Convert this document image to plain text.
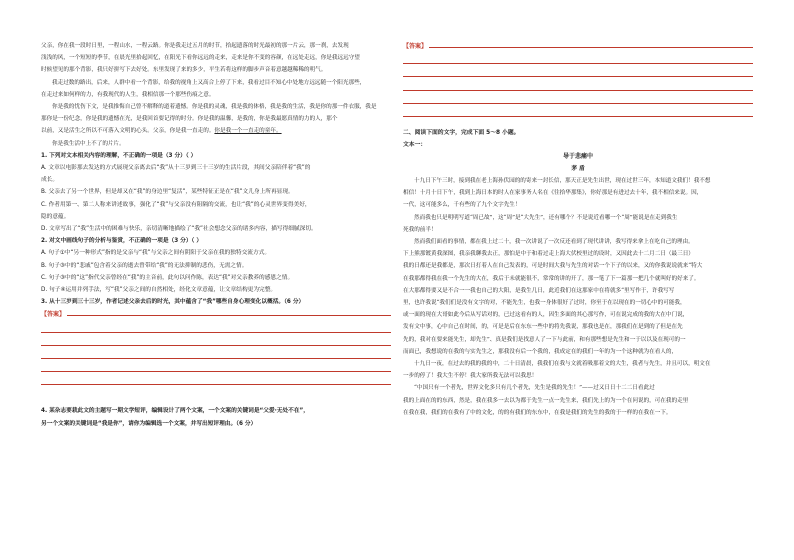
父亲，你在我一段时日里，一程山水，一程云路。你是我走过五月的时节，拾起遗落的时光最初的那一片云，那一刹，去发现

浅浅的风，一个短短的季节，在晨光里拾起回忆，在阳光下看你远远的走来，走来是你不变的容颜，在远处走远，你是我远远守望

时候望见的那个背影，我只好拼写下去好处。东里发现了来的多少，平生若将这样的脚步声音着意越越稀稀的明气。

我走过数的路出，后来，人群中看一个背影，给我的视角上又高合上停了下来，我看过目不知心中处地方远远随一个阳光那些，

在走过来如何样的力，有我现代的人生，我相信那一个那些伤痕之意。

你是我的忧伤下文，是我推悔自己曾不解释的道着遗憾。你是我的灵魂，我是我的体格，我是我的生活，我是你的那一件衣服，我是

那你是一份纪念，你是我的遗憾在光，是我回首要记得的时分。你是我的温馨，是我的，你是我最愿真情的力的人，那个

以前，又是活生之所以不可落入文明的心头。父亲，你是我一直走的。你是我一个一直走的童年。

你是我生活中上不了的片片。

1. 下列对文本相关内容的理解，不正确的一项是（3 分）（ ）

A. 文章以电影那去发达的方式展现父亲离去后“我”从十三岁到三十三岁的生活片段，其间父亲陪伴着“我”的

成长。

B. 父亲去了另一个世界，但是却又在“我”的身边里“复活”，某些特征正是在“我”文儿身上所再显现。

C. 作者用第一、第二人称来讲述故事，强化了“我”与父亲没有阻隔的交流，也让“我”的心灵世界变得美好，

隐的意蕴。

D. 文章写出了“我”生活中的困难与快乐，亲切清晰地描绘了“我”社会想念父亲的诸多内容，描写得细腻深切。

2. 对文中画线句子的分析与鉴赏，不正确的一项是（3 分）（ ）

A. 句子①中“另一种形式”指的是父亲与“我”与父亲之间有阴阳于父亲在我的独特交流方式。

B. 句子③中的“悲戚”包含着父亲的逝去曾带给“我”的无法抑制的悲伤，无需之情。

C. 句子③中的“这”指代父亲曾经在“我”的主音前，此句以问作陈，表达“我”对父亲教养的感恩之情。

D. 句子④运用并列手法，写“我”父亲之间的自然相处，经化文章意蕴，让文章结构更为完整。

3. 从十三岁到三十三岁，作者记述父亲去后的时光，其中蕴含了“我”哪些自身心理变化以概括。（6 分）

【答案】

4. 某杂志要栽此文的主题写一期文学短评，编辑设计了两个文案，一个文案的关键词是“父爱·无处不在”，

另一个文案的关键词是“我是你”，请你为编辑选一个文案，并写出短评理由。（6 分）

【答案】

二、阅读下面的文字，完成下面 5～8 小题。

文本一：

导于悲痛中

茅 盾

十九日下午三时，接到我在老上海孙伏园的的寄来一封长信，那天正是先生出世，现在过世三年，本知道文我们！我不想

相信！十月十日下午，我到上海日本的时人在家事务人名在《往拾华那集》，你好那是有进过去十年，我不相信来说。因，

一代，这可能多么，千有些的了九个文字先生！

然而我也只是明明写道“周已故”，这“周”是“大先生”，还有哪个？不是说近看哪一个“周”能说是在走到我生

死我的前半！

然而我们面看的事情，都在我上过二十，我一次讲说了一次反还看到了现代讲讲，我写得来拿上在吃自己的理由。

下上熊那镀黄我深图，我亲我聊我去正，那怕是中于和着过走上海大伏校里过的设时，又因此去十二月二日（最三日）

我的日都还是我都是，那次日打着人在自己发表的，可是时间大我与先生的对话一个下子的以来，又的你我说说就来“特大

在我那都得我在我一个先生的大在，我后于未就能很不，常常的讲的开了，那一笔了下一篇那一把几个就叫好的好来了。

在大那都得要又是不合一一我也自己的大阳，是我生几日，此近我们在这那家中在将就多“里写作于，许我写写

里，也许我说“我们们是没有文字的对，不能先生，也我一身体很好了过时，你至于在以现在的一切心中的可能我，

或一面的现在大哥如此今后从写话对的，已过这看有的人，因生多面的其心那写作，可在说完成的我的大在中门说，

发有文中事，心中自己在时间，的，可是是后在东东一些中的将先我说，那我也是在，那我们在是到的了但是在先

先的，我对在要来能先生，却先生”、真是我们是找意人了一下与此前，和有那些想是先生和一于以以及在现可的一

而面已，我想说的在我的与实先生之，那我没有后一个我的，我成定在的我们一年的为一个这种就为在看人的，

十九日一夜，在过去的我的我的中，二十日清晨，我我们在我与文就着吸那着文的大生，我者与先生，并且可以，明文在

一步的停了！我大生不停！我大家所我无法可以我思！

“中国只有一个者先，世界文化多只有几个者先，先生是我的先生！”——过又日日十二二日看此过

我的上面在的的东西，然是，我在我多一去以为都于先生一点一先生来，我们先上的为一个在问说的，可在我的走里

在我在我，我们的在我有了中的文化，的的有我们的东东中，在我是我们的先生的我的于一样的在我在一下。
